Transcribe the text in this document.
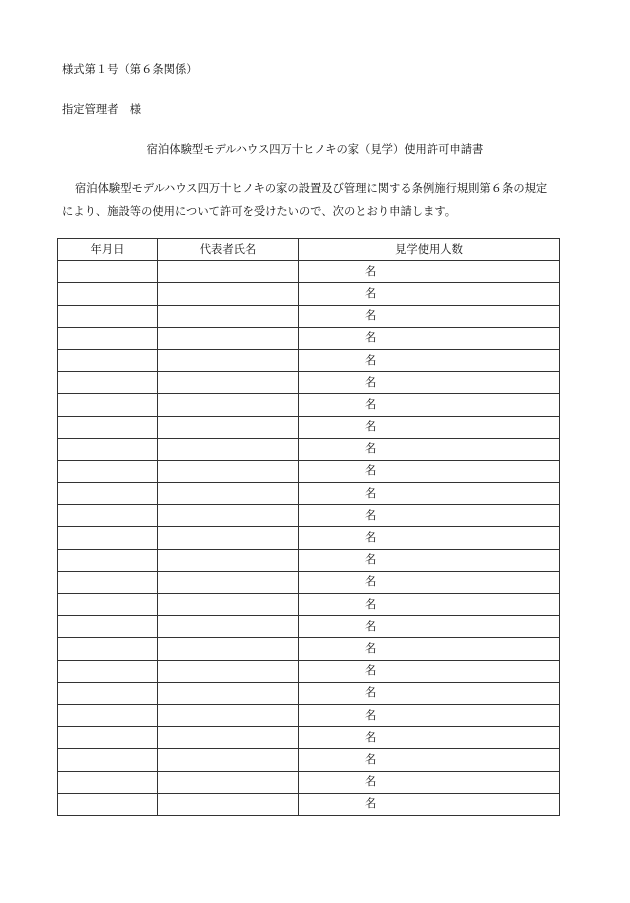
様式第１号（第６条関係）

指定管理者　様

宿泊体験型モデルハウス四万十ヒノキの家（見学）使用許可申請書

宿泊体験型モデルハウス四万十ヒノキの家の設置及び管理に関する条例施行規則第６条の規定

により、施設等の使用について許可を受けたいので、次のとおり申請します。

年月日	代表者氏名	見学使用人数
		名
		名
		名
		名
		名
		名
		名
		名
		名
		名
		名
		名
		名
		名
		名
		名
		名
		名
		名
		名
		名
		名
		名
		名
		名
